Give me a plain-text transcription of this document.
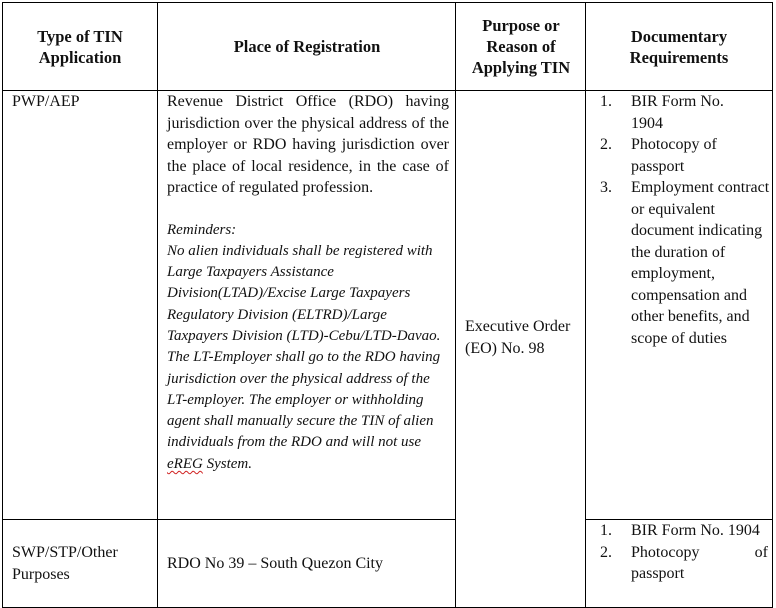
Type of TIN Application
Place of Registration
Purpose or Reason of Applying TIN
Documentary Requirements
PWP/AEP	Revenue District Office (RDO) having jurisdiction over the physical address of the employer or RDO having jurisdiction over the place of local residence, in the case of practice of regulated profession.
Reminders:
No alien individuals shall be registered with Large Taxpayers Assistance Division(LTAD)/Excise Large Taxpayers Regulatory Division (ELTRD)/Large Taxpayers Division (LTD)-Cebu/LTD-Davao. The LT-Employer shall go to the RDO having jurisdiction over the physical address of the LT-employer. The employer or withholding agent shall manually secure the TIN of alien individuals from the RDO and will not use eREG System.
1. BIR Form No. 1904
2. Photocopy of passport
3. Employment contract or equivalent document indicating the duration of employment, compensation and other benefits, and scope of duties
Executive Order (EO) No. 98
SWP/STP/Other Purposes
RDO No 39 – South Quezon City
1. BIR Form No. 1904
2. Photocopy of passport
